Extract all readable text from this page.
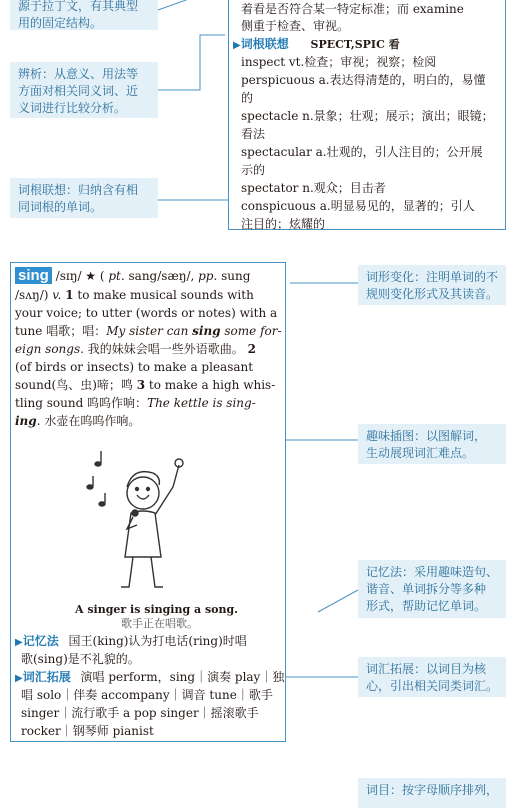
源于拉丁文，有其典型
用的固定结构。
辨析：从意义、用法等
方面对相关同义词、近
义词进行比较分析。
词根联想：归纳含有相
同词根的单词。
着看是否符合某一特定标准；而 examine
侧重于检查、审视。
▶词根联想 SPECT,SPIC 看
inspect vt.检查；审视；视察；检阅
perspicuous a.表达得清楚的，明白的，易懂
的
spectacle n.景象；壮观；展示；演出；眼镜；
看法
spectacular a.壮观的，引人注目的；公开展
示的
spectator n.观众；目击者
conspicuous a.明显易见的，显著的；引人
注目的；炫耀的
sing /sɪŋ/ ★ ( pt. sang/sæŋ/, pp. sung
/sʌŋ/) v. 1 to make musical sounds with
your voice; to utter (words or notes) with a
tune 唱歌；唱：My sister can sing some for-
eign songs. 我的妹妹会唱一些外语歌曲。 2
(of birds or insects) to make a pleasant
sound(鸟、虫)啼；鸣 3 to make a high whis-
tling sound 呜呜作响：The kettle is sing-
ing. 水壶在呜呜作响。
A singer is singing a song.
歌手正在唱歌。
▶记忆法 国王(king)认为打电话(ring)时唱
歌(sing)是不礼貌的。
▶词汇拓展 演唱 perform，sing｜演奏 play｜独
唱 solo｜伴奏 accompany｜调音 tune｜歌手
singer｜流行歌手 a pop singer｜摇滚歌手
rocker｜钢琴师 pianist
词形变化：注明单词的不
规则变化形式及其读音。
趣味插图：以图解词，
生动展现词汇难点。
记忆法：采用趣味造句、
谐音、单词拆分等多种
形式，帮助记忆单词。
词汇拓展：以词目为核
心，引出相关同类词汇。
词目：按字母顺序排列，
